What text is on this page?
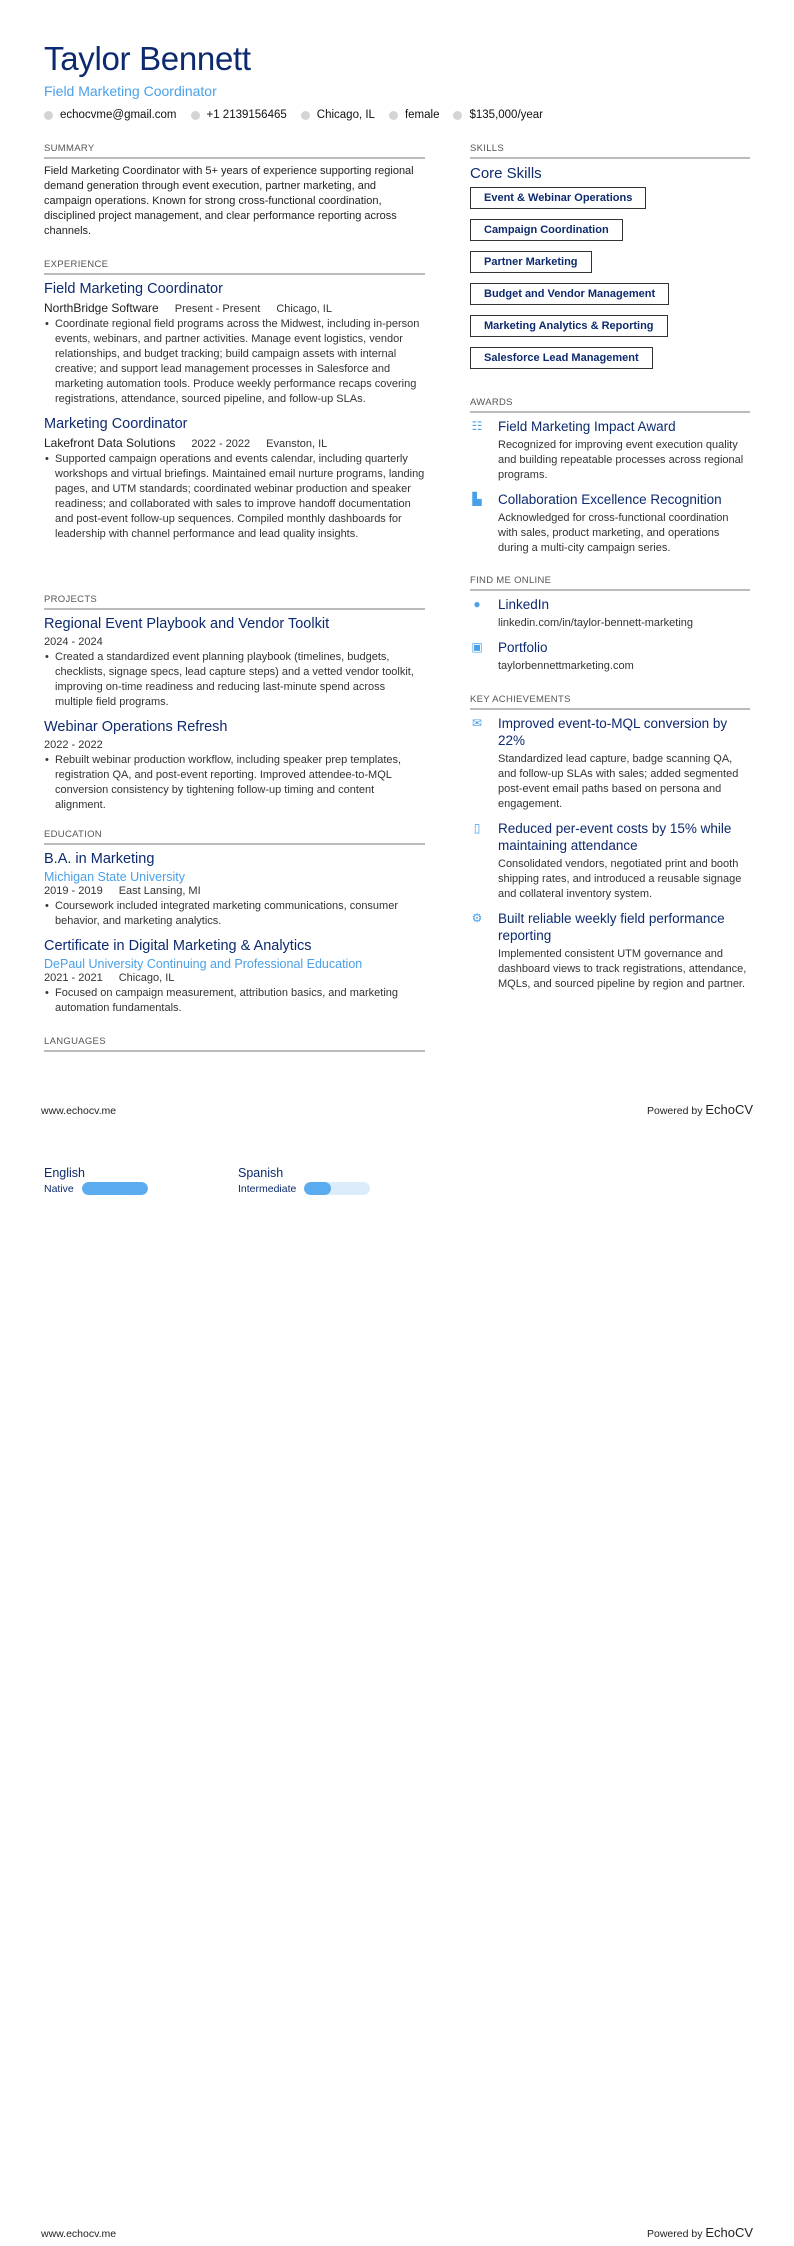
Taylor Bennett
Field Marketing Coordinator
echocvme@gmail.com	+1 2139156465	Chicago, IL	female	$135,000/year
SUMMARY
Field Marketing Coordinator with 5+ years of experience supporting regional demand generation through event execution, partner marketing, and campaign operations. Known for strong cross-functional coordination, disciplined project management, and clear performance reporting across channels.
EXPERIENCE
Field Marketing Coordinator
NorthBridge Software Present - Present Chicago, IL
• Coordinate regional field programs across the Midwest, including in-person events, webinars, and partner activities. Manage event logistics, vendor relationships, and budget tracking; build campaign assets with internal creative; and support lead management processes in Salesforce and marketing automation tools. Produce weekly performance recaps covering registrations, attendance, sourced pipeline, and follow-up SLAs.
Marketing Coordinator
Lakefront Data Solutions 2022 - 2022 Evanston, IL
• Supported campaign operations and events calendar, including quarterly workshops and virtual briefings. Maintained email nurture programs, landing pages, and UTM standards; coordinated webinar production and speaker readiness; and collaborated with sales to improve handoff documentation and post-event follow-up sequences. Compiled monthly dashboards for leadership with channel performance and lead quality insights.
PROJECTS
Regional Event Playbook and Vendor Toolkit
2024 - 2024
• Created a standardized event planning playbook (timelines, budgets, checklists, signage specs, lead capture steps) and a vetted vendor toolkit, improving on-time readiness and reducing last-minute spend across multiple field programs.
Webinar Operations Refresh
2022 - 2022
• Rebuilt webinar production workflow, including speaker prep templates, registration QA, and post-event reporting. Improved attendee-to-MQL conversion consistency by tightening follow-up timing and content alignment.
EDUCATION
B.A. in Marketing
Michigan State University
2019 - 2019 East Lansing, MI
• Coursework included integrated marketing communications, consumer behavior, and marketing analytics.
Certificate in Digital Marketing & Analytics
DePaul University Continuing and Professional Education
2021 - 2021 Chicago, IL
• Focused on campaign measurement, attribution basics, and marketing automation fundamentals.
LANGUAGES
www.echocv.me	Powered by EchoCV
English
Native
Spanish
Intermediate
www.echocv.me	Powered by EchoCV
SKILLS
Core Skills
Event & Webinar Operations
Campaign Coordination
Partner Marketing
Budget and Vendor Management
Marketing Analytics & Reporting
Salesforce Lead Management
AWARDS
☷ Field Marketing Impact Award
Recognized for improving event execution quality and building repeatable processes across regional programs.
▙ Collaboration Excellence Recognition
Acknowledged for cross-functional coordination with sales, product marketing, and operations during a multi-city campaign series.
FIND ME ONLINE
● LinkedIn
linkedin.com/in/taylor-bennett-marketing
▣ Portfolio
taylorbennettmarketing.com
KEY ACHIEVEMENTS
✉ Improved event-to-MQL conversion by 22%
Standardized lead capture, badge scanning QA, and follow-up SLAs with sales; added segmented post-event email paths based on persona and engagement.
▯ Reduced per-event costs by 15% while maintaining attendance
Consolidated vendors, negotiated print and booth shipping rates, and introduced a reusable signage and collateral inventory system.
⚙ Built reliable weekly field performance reporting
Implemented consistent UTM governance and dashboard views to track registrations, attendance, MQLs, and sourced pipeline by region and partner.
